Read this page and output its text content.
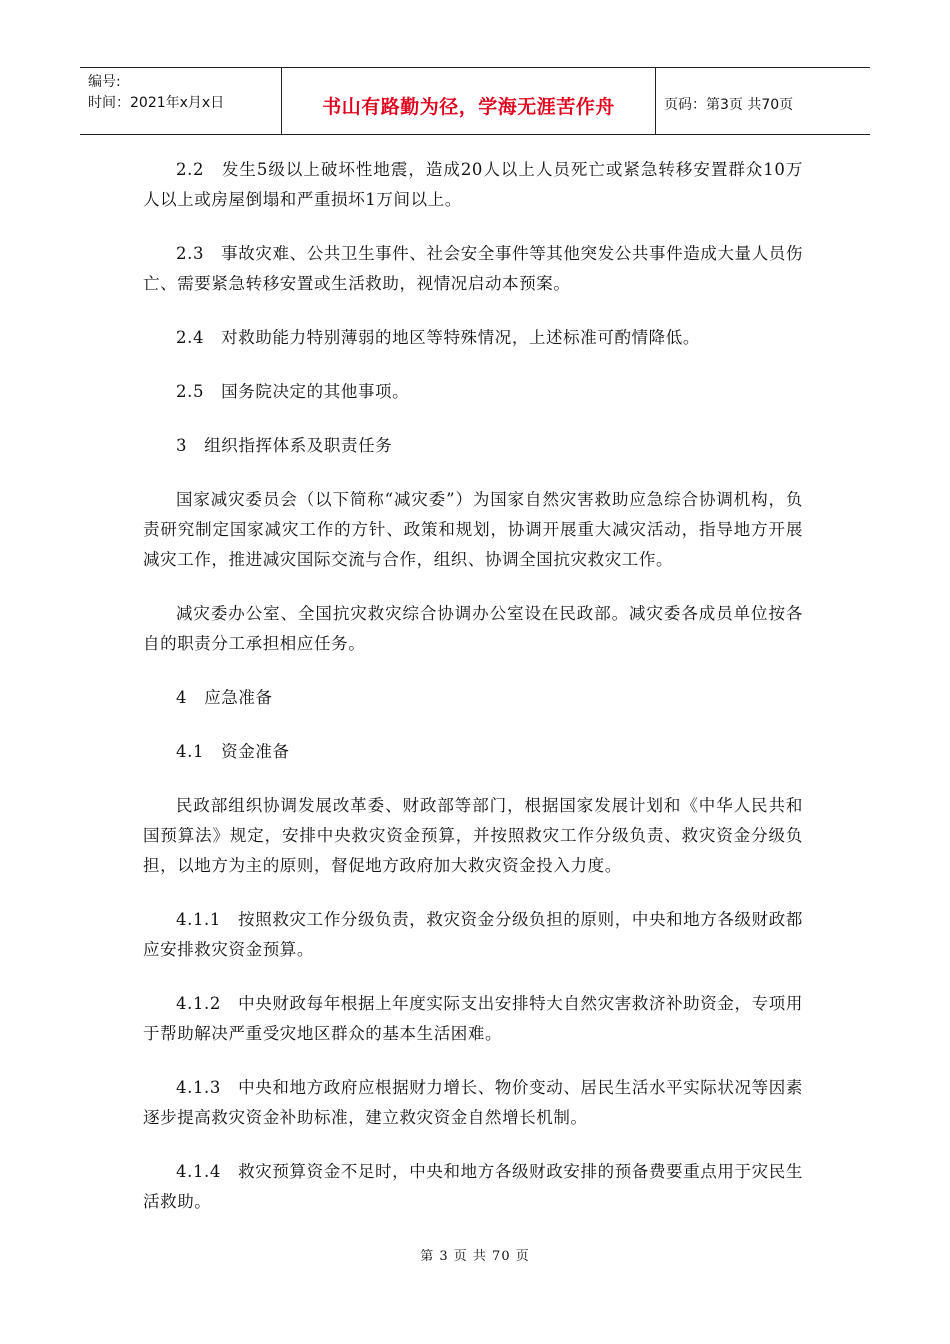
编号:
时间：2021年x月x日	书山有路勤为径，学海无涯苦作舟	页码：第3页 共70页

2.2　发生5级以上破坏性地震，造成20人以上人员死亡或紧急转移安置群众10万人以上或房屋倒塌和严重损坏1万间以上。

2.3　事故灾难、公共卫生事件、社会安全事件等其他突发公共事件造成大量人员伤亡、需要紧急转移安置或生活救助，视情况启动本预案。

2.4　对救助能力特别薄弱的地区等特殊情况，上述标准可酌情降低。

2.5　国务院决定的其他事项。

3　组织指挥体系及职责任务

国家减灾委员会（以下简称“减灾委”）为国家自然灾害救助应急综合协调机构，负责研究制定国家减灾工作的方针、政策和规划，协调开展重大减灾活动，指导地方开展减灾工作，推进减灾国际交流与合作，组织、协调全国抗灾救灾工作。

减灾委办公室、全国抗灾救灾综合协调办公室设在民政部。减灾委各成员单位按各自的职责分工承担相应任务。

4　应急准备

4.1　资金准备

民政部组织协调发展改革委、财政部等部门，根据国家发展计划和《中华人民共和国预算法》规定，安排中央救灾资金预算，并按照救灾工作分级负责、救灾资金分级负担，以地方为主的原则，督促地方政府加大救灾资金投入力度。

4.1.1　按照救灾工作分级负责，救灾资金分级负担的原则，中央和地方各级财政都应安排救灾资金预算。

4.1.2　中央财政每年根据上年度实际支出安排特大自然灾害救济补助资金，专项用于帮助解决严重受灾地区群众的基本生活困难。

4.1.3　中央和地方政府应根据财力增长、物价变动、居民生活水平实际状况等因素逐步提高救灾资金补助标准，建立救灾资金自然增长机制。

4.1.4　救灾预算资金不足时，中央和地方各级财政安排的预备费要重点用于灾民生活救助。

第 3 页 共 70 页
